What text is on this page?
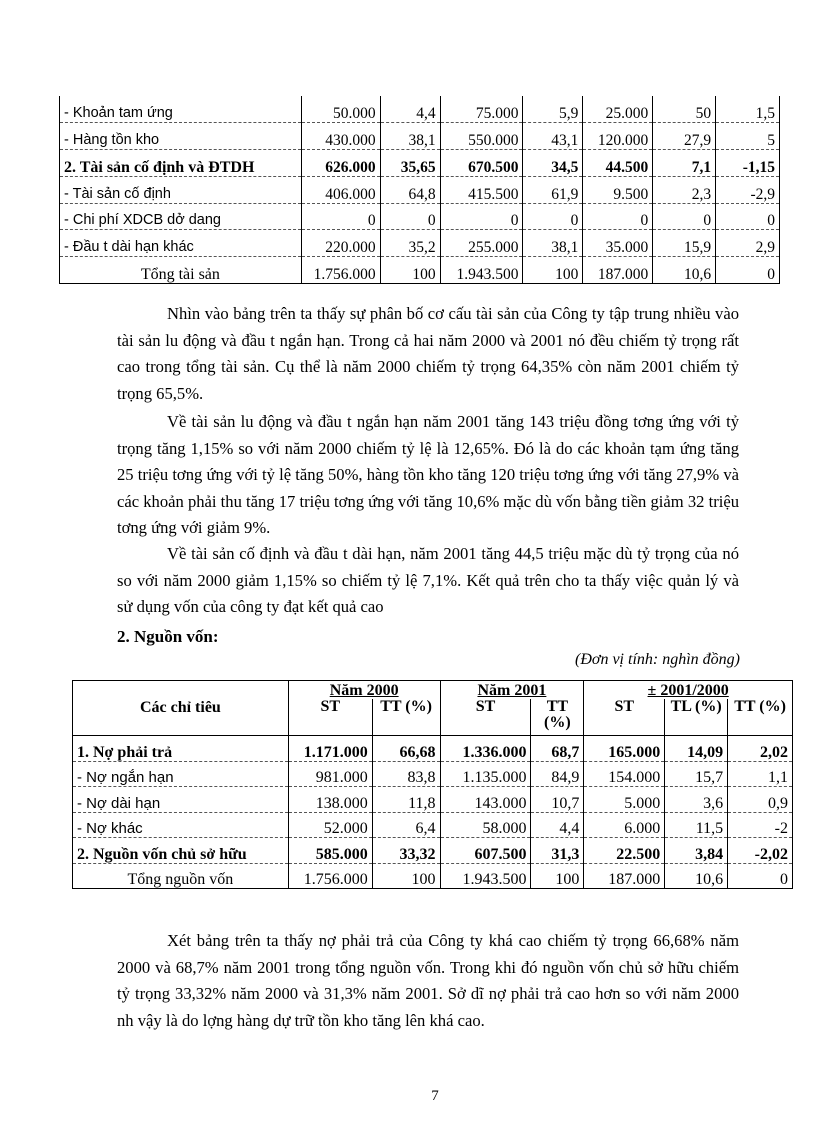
- Khoản tam ứng	50.000	4,4	75.000	5,9	25.000	50	1,5
- Hàng tồn kho	430.000	38,1	550.000	43,1	120.000	27,9	5
2. Tài sản cố định và ĐTDH	626.000	35,65	670.500	34,5	44.500	7,1	-1,15
- Tài sản cố định	406.000	64,8	415.500	61,9	9.500	2,3	-2,9
- Chi phí XDCB dở dang	0	0	0	0	0	0	0
- Đầu t dài hạn khác	220.000	35,2	255.000	38,1	35.000	15,9	2,9
Tổng tài sản	1.756.000	100	1.943.500	100	187.000	10,6	0

Nhìn vào bảng trên ta thấy sự phân bố cơ cấu tài sản của Công ty tập trung nhiều vào tài sản lu động và đầu t ngắn hạn. Trong cả hai năm 2000 và 2001 nó đều chiếm tỷ trọng rất cao trong tổng tài sản. Cụ thể là năm 2000 chiếm tỷ trọng 64,35% còn năm 2001 chiếm tỷ trọng 65,5%.

Về tài sản lu động và đầu t ngắn hạn năm 2001 tăng 143 triệu đồng tơng ứng với tỷ trọng tăng 1,15% so với năm 2000 chiếm tỷ lệ là 12,65%. Đó là do các khoản tạm ứng tăng 25 triệu tơng ứng với tỷ lệ tăng 50%, hàng tồn kho tăng 120 triệu tơng ứng với tăng 27,9% và các khoản phải thu tăng 17 triệu tơng ứng với tăng 10,6% mặc dù vốn bằng tiền giảm 32 triệu tơng ứng với giảm 9%.

Về tài sản cố định và đầu t dài hạn, năm 2001 tăng 44,5 triệu mặc dù tỷ trọng của nó so với năm 2000 giảm 1,15% so chiếm tỷ lệ 7,1%. Kết quả trên cho ta thấy việc quản lý và sử dụng vốn của công ty đạt kết quả cao

2. Nguồn vốn:

(Đơn vị tính: nghìn đồng)

Các chỉ tiêu	Năm 2000		Năm 2001		± 2001/2000		
	ST	TT (%)	ST	TT (%)	ST	TL (%)	TT (%)
1. Nợ phải trả	1.171.000	66,68	1.336.000	68,7	165.000	14,09	2,02
- Nợ ngắn hạn	981.000	83,8	1.135.000	84,9	154.000	15,7	1,1
- Nợ dài hạn	138.000	11,8	143.000	10,7	5.000	3,6	0,9
- Nợ khác	52.000	6,4	58.000	4,4	6.000	11,5	-2
2. Nguồn vốn chủ sở hữu	585.000	33,32	607.500	31,3	22.500	3,84	-2,02
Tổng nguồn vốn	1.756.000	100	1.943.500	100	187.000	10,6	0

Xét bảng trên ta thấy nợ phải trả của Công ty khá cao chiếm tỷ trọng 66,68% năm 2000 và 68,7% năm 2001 trong tổng nguồn vốn. Trong khi đó nguồn vốn chủ sở hữu chiếm tỷ trọng 33,32% năm 2000 và 31,3% năm 2001. Sở dĩ nợ phải trả cao hơn so với năm 2000 nh vậy là do lợng hàng dự trữ tồn kho tăng lên khá cao.

7
